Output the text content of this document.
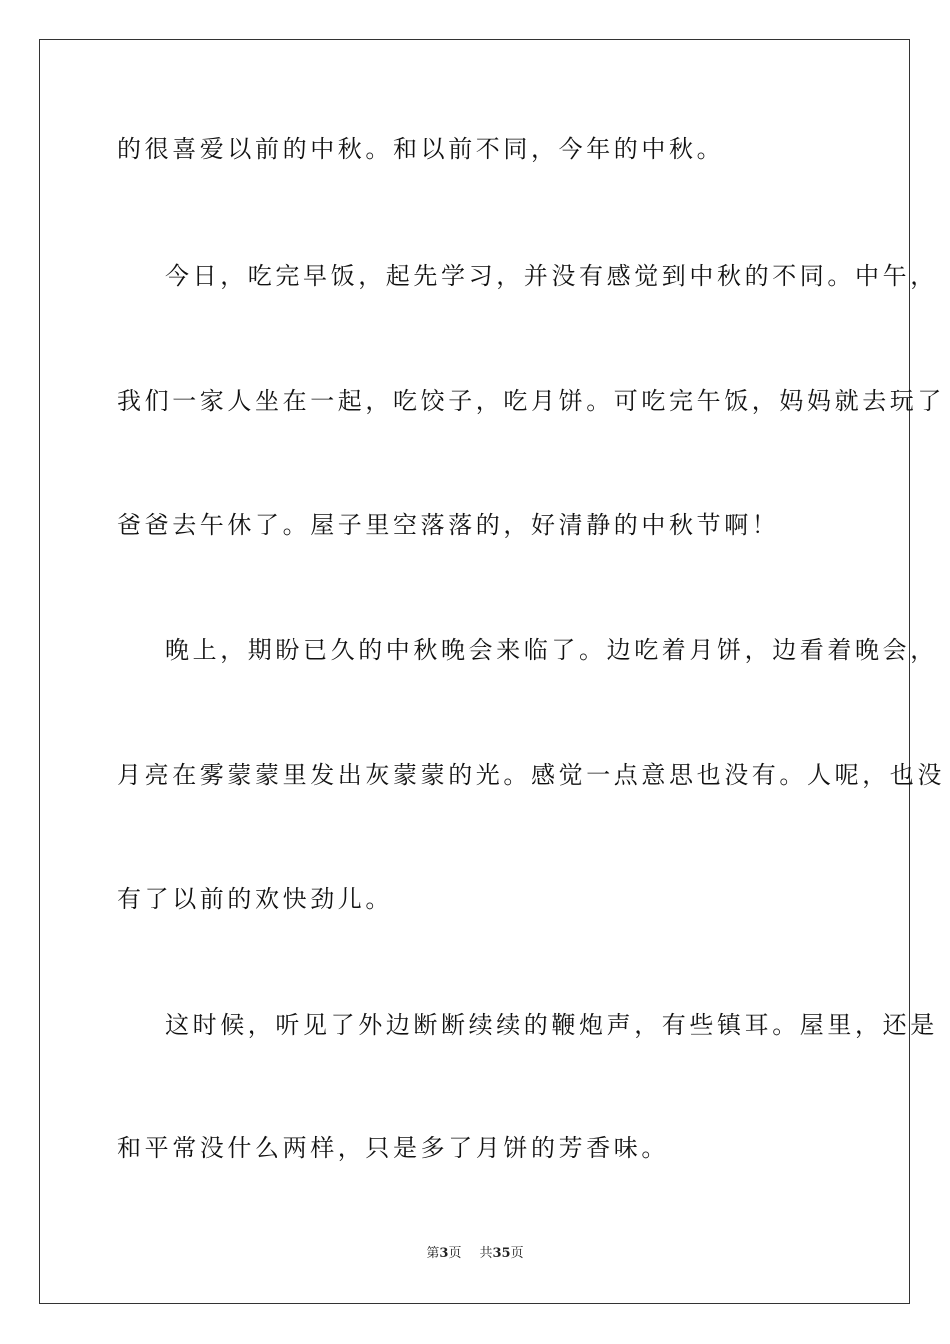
的很喜爱以前的中秋。和以前不同，今年的中秋。
今日，吃完早饭，起先学习，并没有感觉到中秋的不同。中午，
我们一家人坐在一起，吃饺子，吃月饼。可吃完午饭，妈妈就去玩了
爸爸去午休了。屋子里空落落的，好清静的中秋节啊！
晚上，期盼已久的中秋晚会来临了。边吃着月饼，边看着晚会，
月亮在雾蒙蒙里发出灰蒙蒙的光。感觉一点意思也没有。人呢，也没
有了以前的欢快劲儿。
这时候，听见了外边断断续续的鞭炮声，有些镇耳。屋里，还是
和平常没什么两样，只是多了月饼的芳香味。
第3页 共35页
